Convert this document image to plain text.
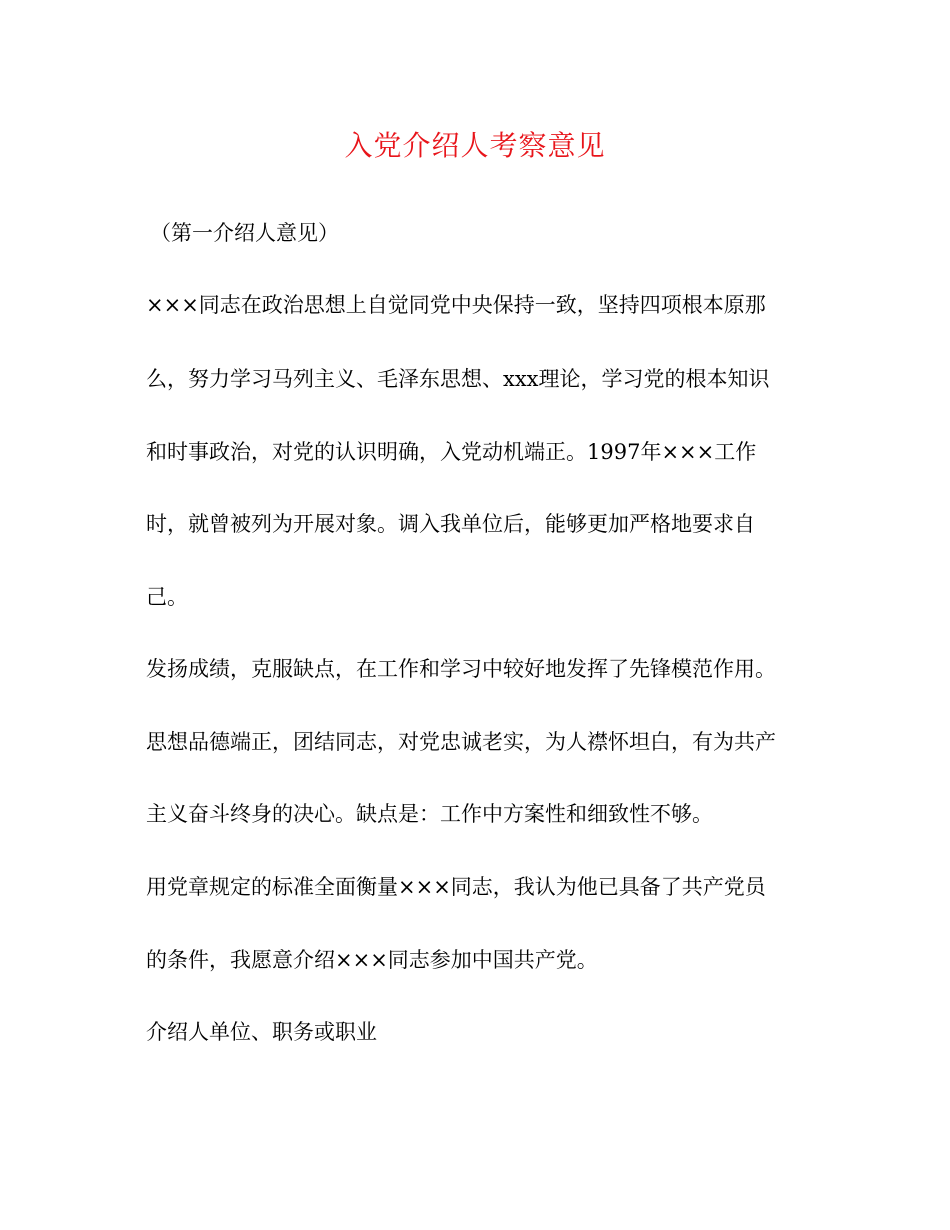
入党介绍人考察意见
（第一介绍人意见）
×××同志在政治思想上自觉同党中央保持一致，坚持四项根本原那
么，努力学习马列主义、毛泽东思想、xxx理论，学习党的根本知识
和时事政治，对党的认识明确，入党动机端正。1997年×××工作
时，就曾被列为开展对象。调入我单位后，能够更加严格地要求自
己。
发扬成绩，克服缺点，在工作和学习中较好地发挥了先锋模范作用。
思想品德端正，团结同志，对党忠诚老实，为人襟怀坦白，有为共产
主义奋斗终身的决心。缺点是：工作中方案性和细致性不够。
用党章规定的标准全面衡量×××同志，我认为他已具备了共产党员
的条件，我愿意介绍×××同志参加中国共产党。
介绍人单位、职务或职业
